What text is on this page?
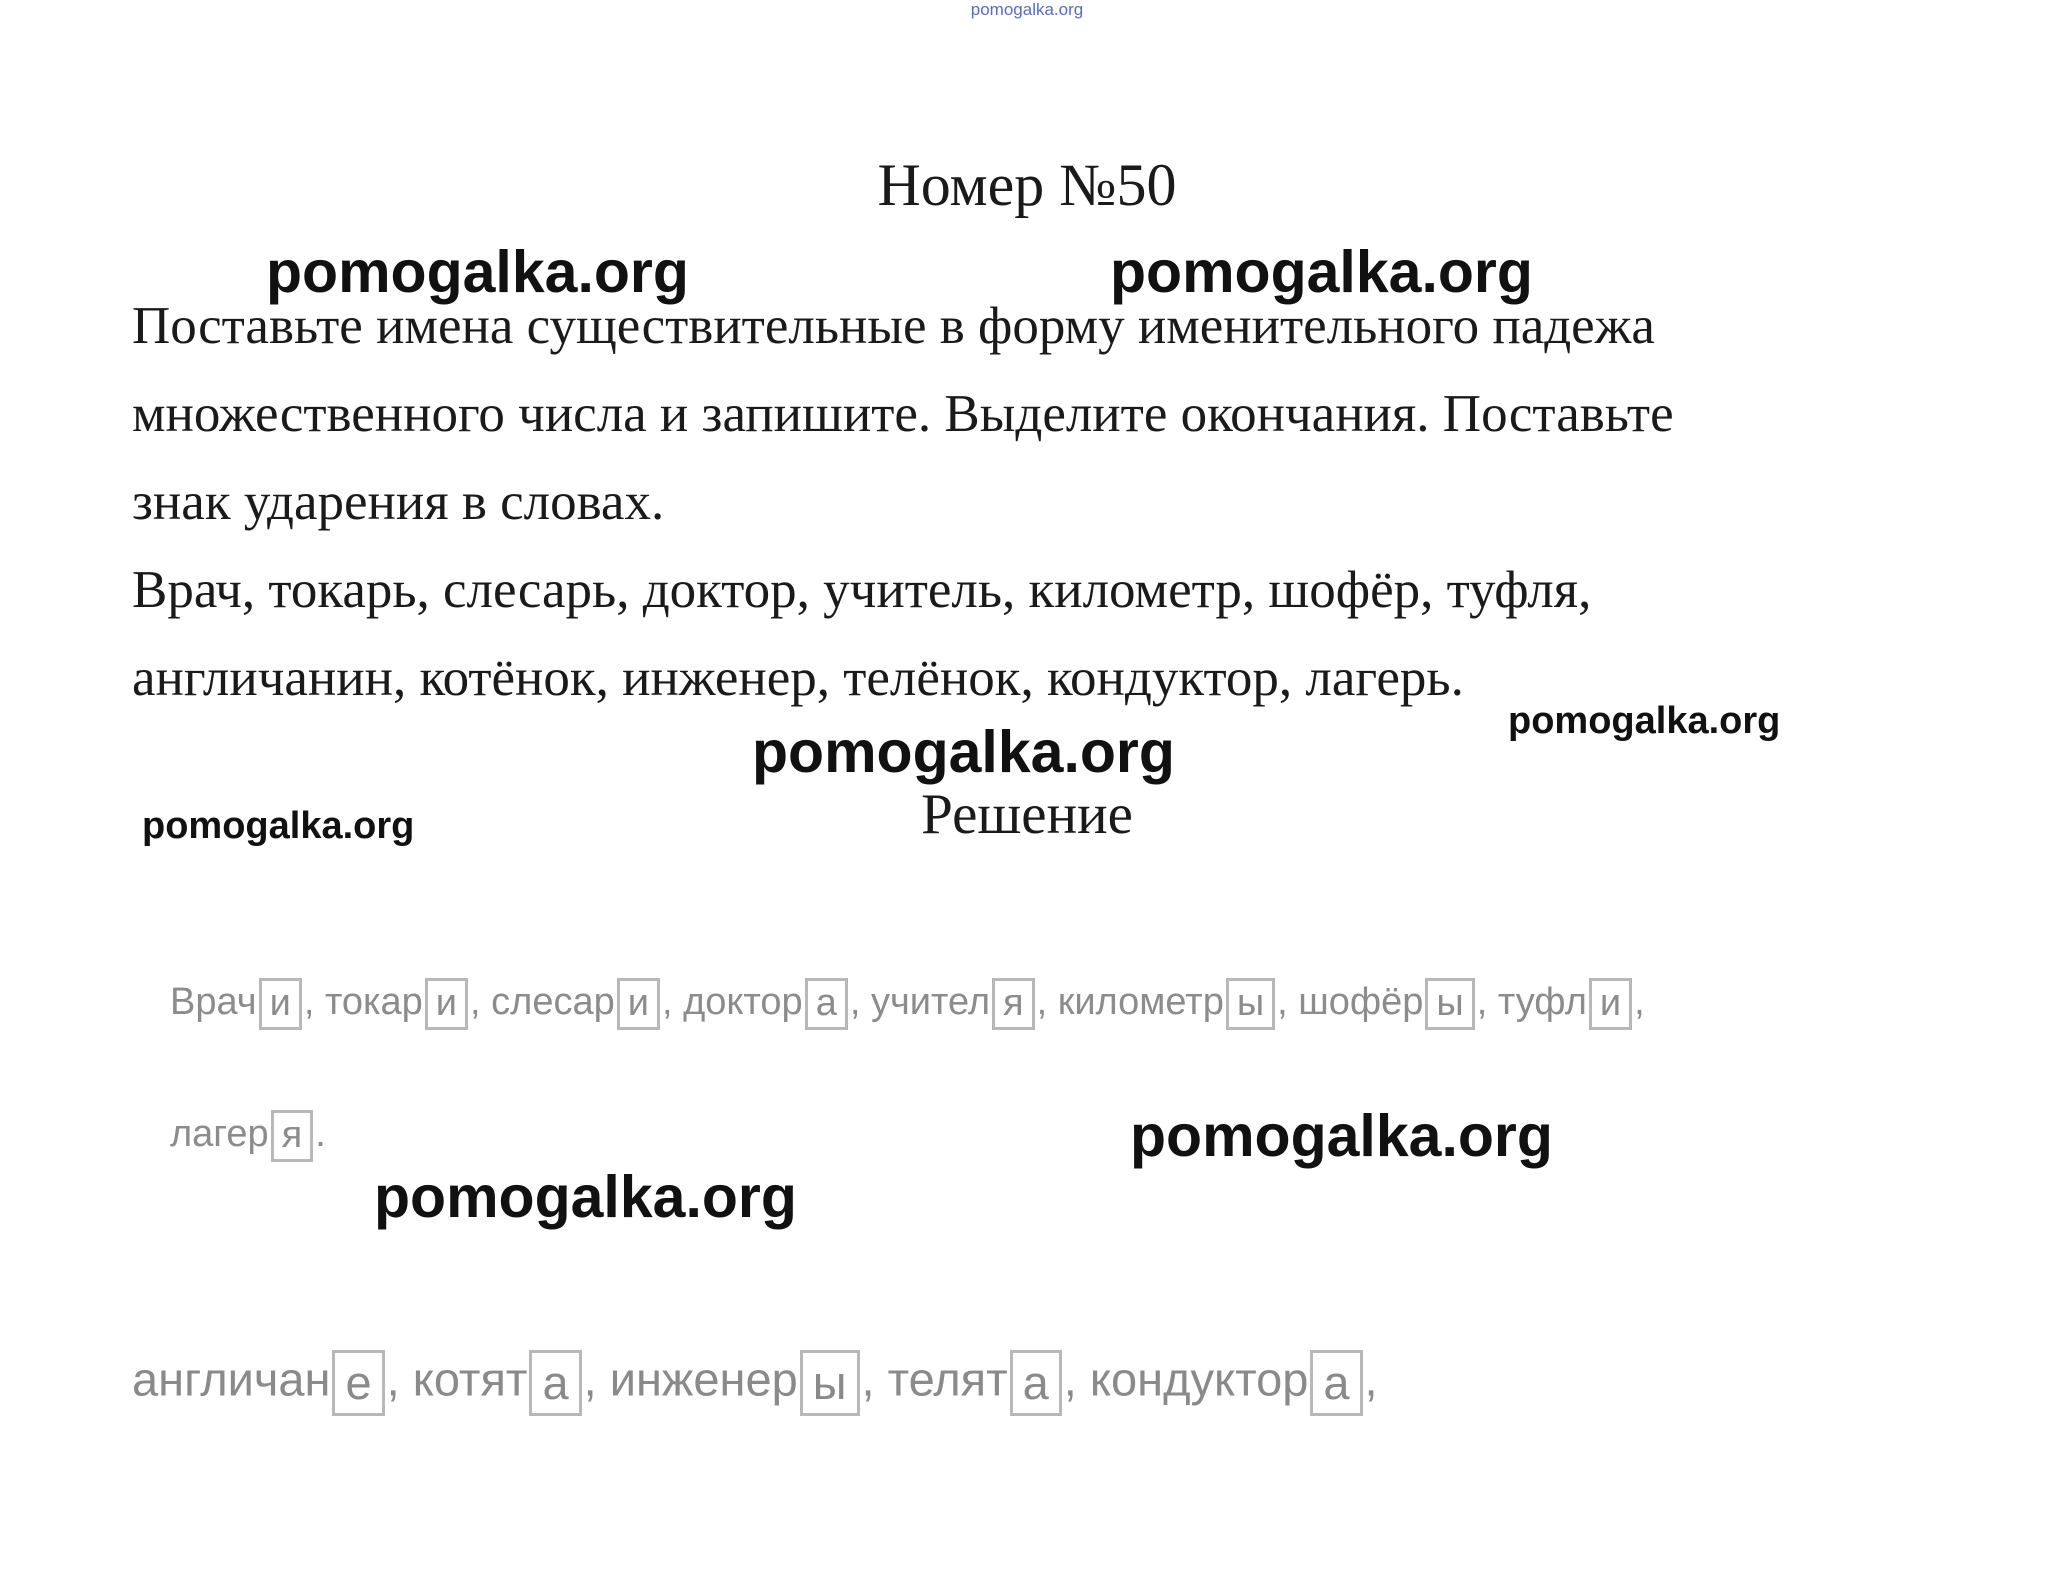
pomogalka.org
Номер №50

Поставьте имена существительные в форму именительного падежа

множественного числа и запишите. Выделите окончания. Поставьте

знак ударения в словах.

Врач, токарь, слесарь, доктор, учитель, километр, шофёр, туфля,

англичанин, котёнок, инженер, телёнок, кондуктор, лагерь.

Решение
Врач и , токар и , слесар и , доктор а , учител я , километр ы , шофёр ы , туфл и ,
лагер я .
англичан е , котят а , инженер ы , телят а , кондуктор а ,
pomogalka.org	pomogalka.org
pomogalka.org
pomogalka.org
pomogalka.org
pomogalka.org
pomogalka.org
